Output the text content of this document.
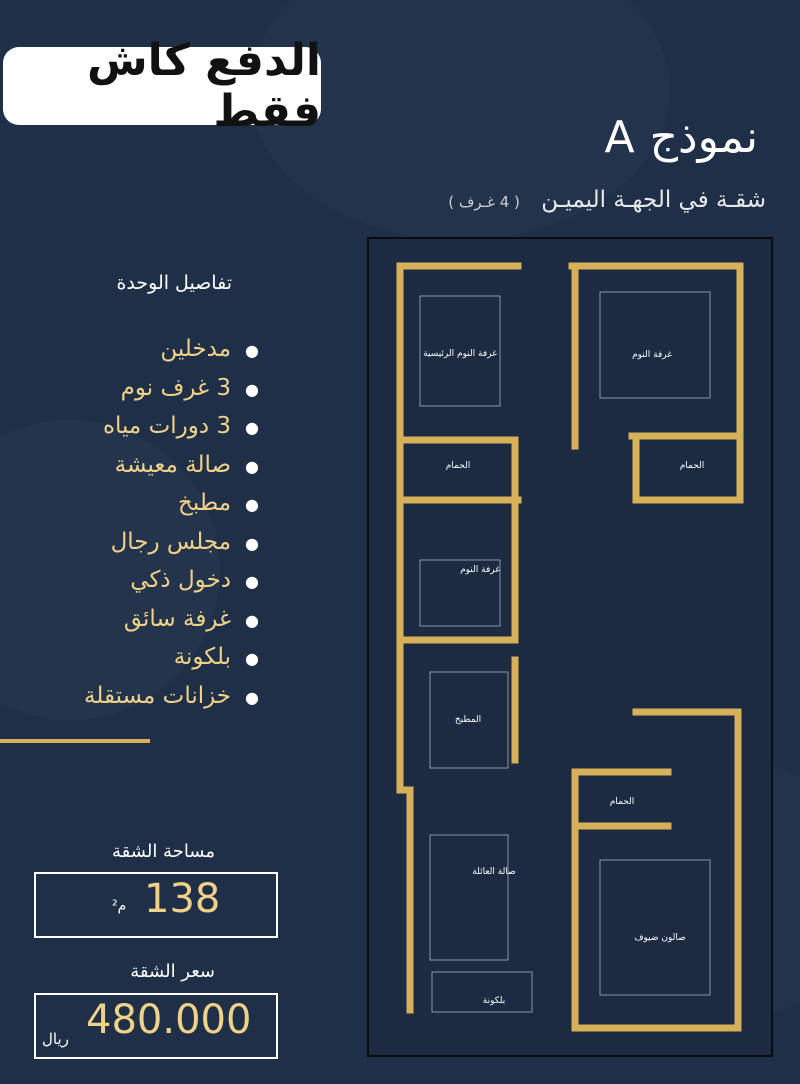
الدفع كاش فقط
نموذج A
شقـة في الجهـة اليميـن ( 4 غـرف )
تفاصيل الوحدة
●مدخلين
●3 غرف نوم
●3 دورات مياه
●صالة معيشة
●مطبخ
●مجلس رجال
●دخول ذكي
●غرفة سائق
●بلكونة
●خزانات مستقلة
مساحة الشقة
138
م²
سعر الشقة
480.000
ريال
غرفة النوم الرئيسية	غرفة النوم
الحمام	الحمام
غرفة النوم
المطبخ
الحمام
صالة العائلة
صالون ضيوف
بلكونة
